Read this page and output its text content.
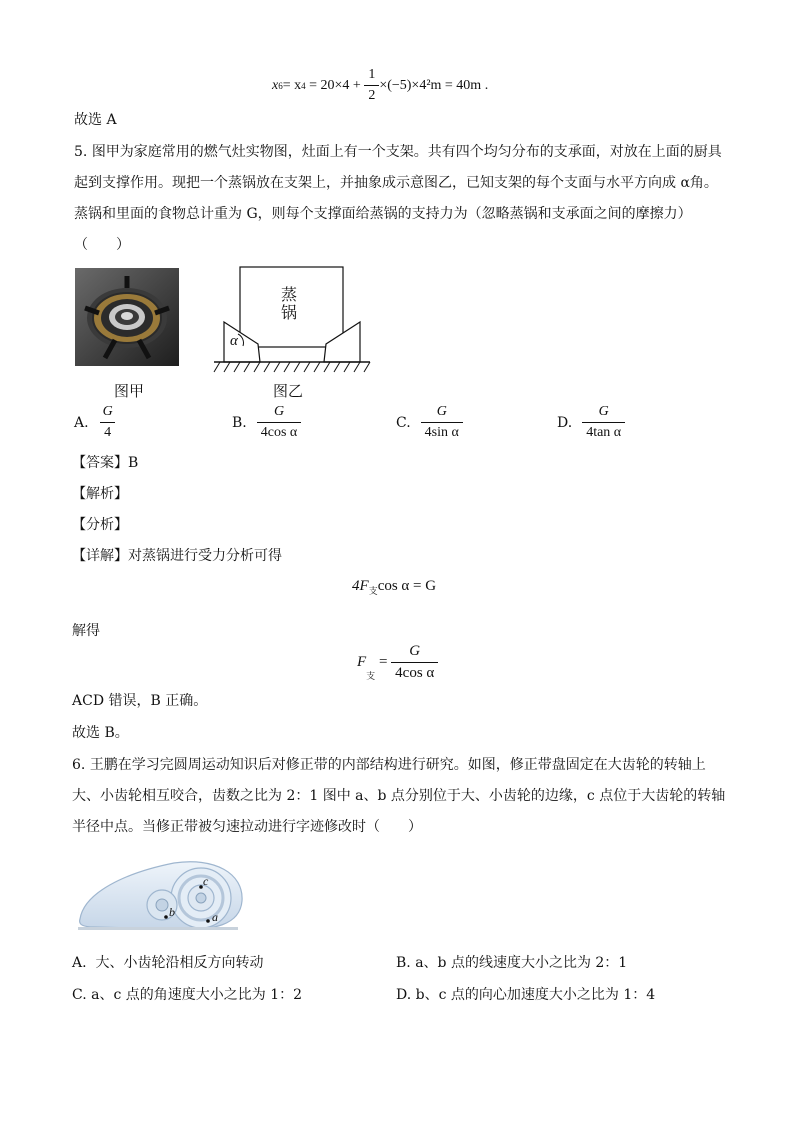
x 6 = x $4 = 20\times 4 + \frac{1}{2} \times(-5)\times 4^2m = 40m$ .
故选 A
5. 图甲为家庭常用的燃气灶实物图，灶面上有一个支架。共有四个均匀分布的支承面，对放在上面的厨具
起到支撑作用。现把一个蒸锅放在支架上，并抽象成示意图乙，已知支架的每个支面与水平方向成 α角。
蒸锅和里面的食物总计重为 G，则每个支撑面给蒸锅的支持力为（忽略蒸锅和支承面之间的摩擦力）
（　　）
α
蒸
锅
图甲	图乙
A. $\frac{G}{4}$	B. $\frac{G}{\text{4cos α}}$	C. $\frac{G}{\text{4sin α}}$	D. $\frac{G}{\text{4tan α}}$
【答案】B
【解析】
【分析】
【详解】对蒸锅进行受力分析可得
$4F_支\cos$ α = G
解得
F
$_支$
= $\frac{G}{\text{4cos α}}$
ACD 错误，B 正确。
故选 B。
6. 王鹏在学习完圆周运动知识后对修正带的内部结构进行研究。如图，修正带盘固定在大齿轮的转轴上
大、小齿轮相互咬合，齿数之比为 2：1 图中 a、b 点分别位于大、小齿轮的边缘，c 点位于大齿轮的转轴
半径中点。当修正带被匀速拉动进行字迹修改时（　　）
c
b	a
A.  大、小齿轮沿相反方向转动	B. a、b 点的线速度大小之比为 2：1
C. a、c 点的角速度大小之比为 1：2	D. b、c 点的向心加速度大小之比为 1：4
